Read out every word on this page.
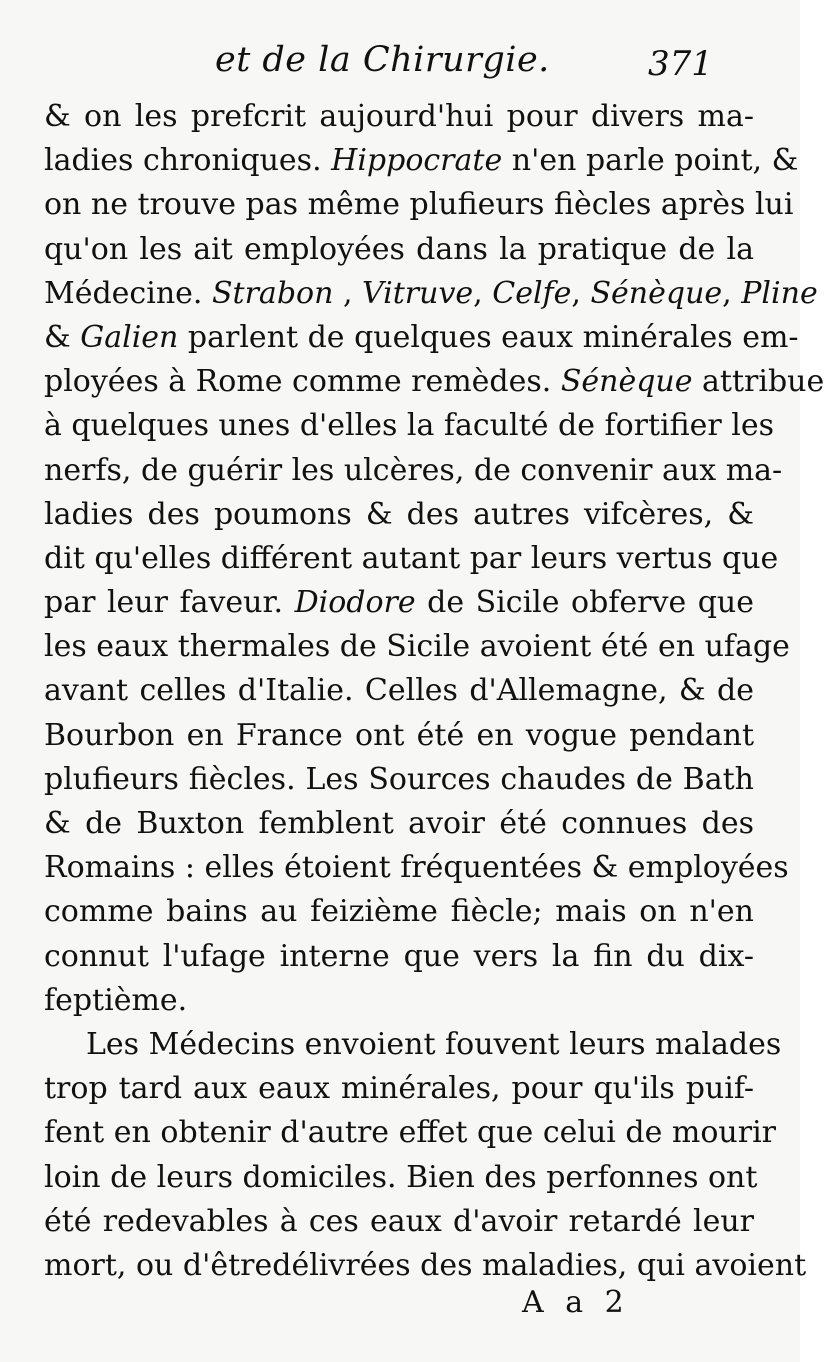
et de la Chirurgie.	371
& on les prefcrit aujourd'hui pour divers ma-
ladies chroniques. Hippocrate n'en parle point, &
on ne trouve pas même plufieurs fiècles après lui
qu'on les ait employées dans la pratique de la
Médecine. Strabon , Vitruve, Celfe, Sénèque, Pline
& Galien parlent de quelques eaux minérales em-
ployées à Rome comme remèdes. Sénèque attribue
à quelques unes d'elles la faculté de fortifier les
nerfs, de guérir les ulcères, de convenir aux ma-
ladies des poumons & des autres vifcères, &
dit qu'elles différent autant par leurs vertus que
par leur faveur. Diodore de Sicile obferve que
les eaux thermales de Sicile avoient été en ufage
avant celles d'Italie. Celles d'Allemagne, & de
Bourbon en France ont été en vogue pendant
plufieurs fiècles. Les Sources chaudes de Bath
& de Buxton femblent avoir été connues des
Romains : elles étoient fréquentées & employées
comme bains au feizième fiècle; mais on n'en
connut l'ufage interne que vers la fin du dix-
feptième.
Les Médecins envoient fouvent leurs malades
trop tard aux eaux minérales, pour qu'ils puif-
fent en obtenir d'autre effet que celui de mourir
loin de leurs domiciles. Bien des perfonnes ont
été redevables à ces eaux d'avoir retardé leur
mort, ou d'êtredélivrées des maladies, qui avoient
A a 2
